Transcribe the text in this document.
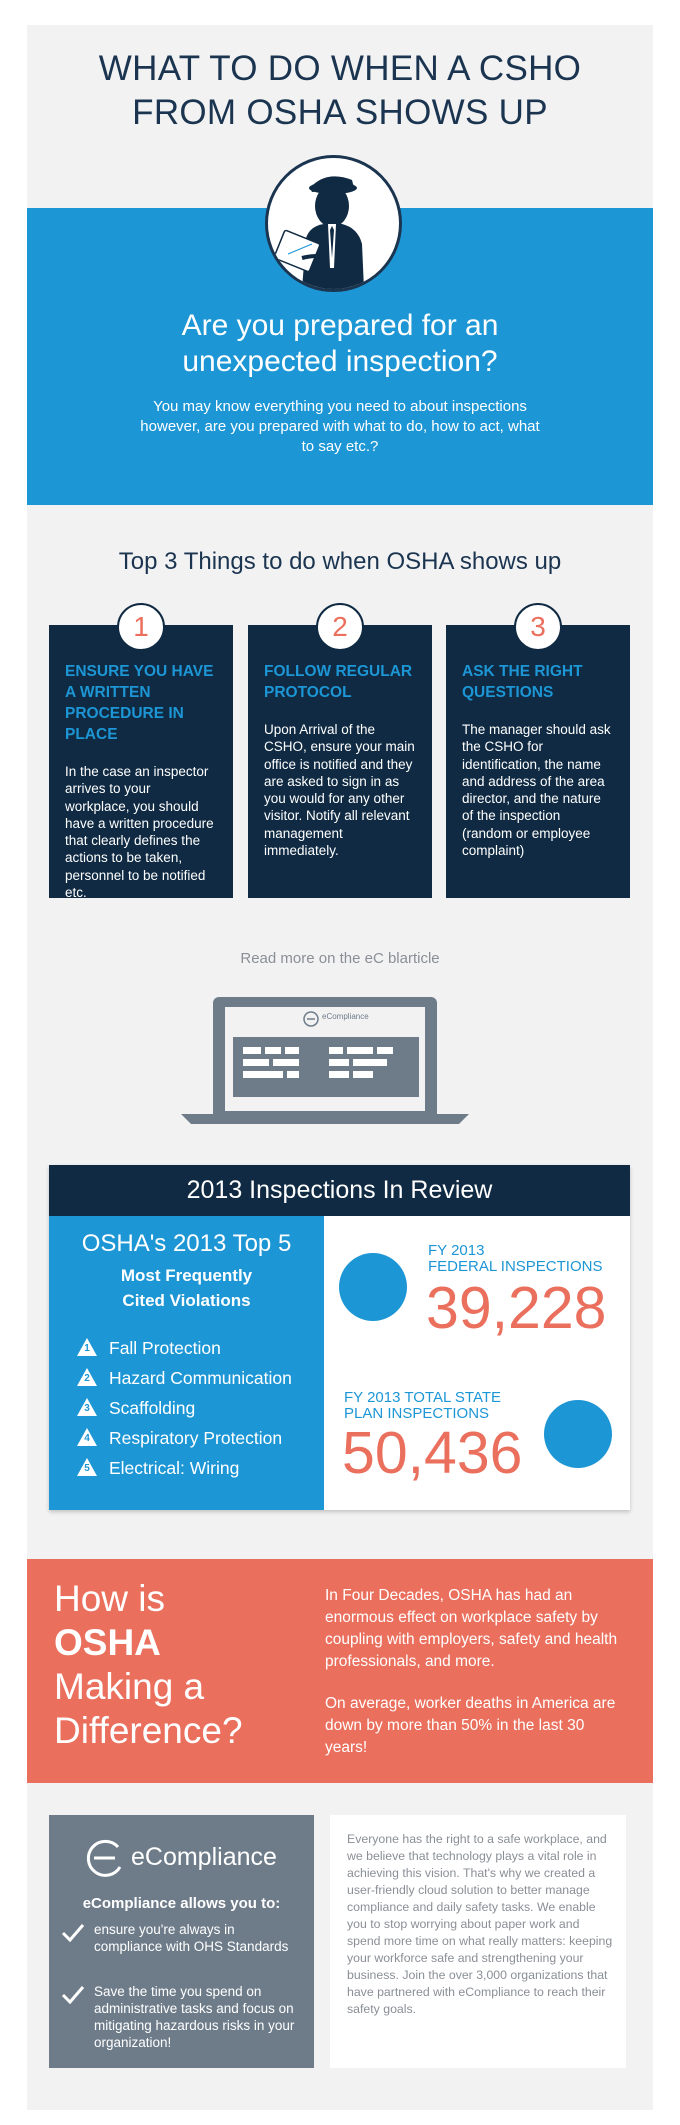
WHAT TO DO WHEN A CSHO
FROM OSHA SHOWS UP
Are you prepared for an
unexpected inspection?
You may know everything you need to about inspections however, are you prepared with what to do, how to act, what to say etc.?
Top 3 Things to do when OSHA shows up
1

ENSURE YOU HAVE A WRITTEN PROCEDURE IN PLACE

In the case an inspector arrives to your workplace, you should have a written procedure that clearly defines the actions to be taken, personnel to be notified etc.

2

FOLLOW REGULAR PROTOCOL

Upon Arrival of the CSHO, ensure your main office is notified and they are asked to sign in as you would for any other visitor. Notify all relevant management immediately.

3

ASK THE RIGHT QUESTIONS

The manager should ask the CSHO for identification, the name and address of the area director, and the nature of the inspection (random or employee complaint)

Read more on the eC blarticle
eCompliance
2013 Inspections In Review
OSHA's 2013 Top 5
Most Frequently
Cited Violations
1	Fall Protection
2	Hazard Communication
3	Scaffolding
4	Respiratory Protection
5	Electrical: Wiring
FY 2013
FEDERAL INSPECTIONS
39,228
FY 2013 TOTAL STATE
PLAN INSPECTIONS
50,436
How is
OSHA
Making a
Difference?
In Four Decades, OSHA has had an enormous effect on workplace safety by coupling with employers, safety and health professionals, and more.
On average, worker deaths in America are down by more than 50% in the last 30 years!
eCompliance
eCompliance allows you to:
ensure you're always in compliance with OHS Standards
Save the time you spend on administrative tasks and focus on mitigating hazardous risks in your organization!
Everyone has the right to a safe workplace, and we believe that technology plays a vital role in achieving this vision. That's why we created a user-friendly cloud solution to better manage compliance and daily safety tasks. We enable you to stop worrying about paper work and spend more time on what really matters: keeping your workforce safe and strengthening your business. Join the over 3,000 organizations that have partnered with eCompliance to reach their safety goals.
